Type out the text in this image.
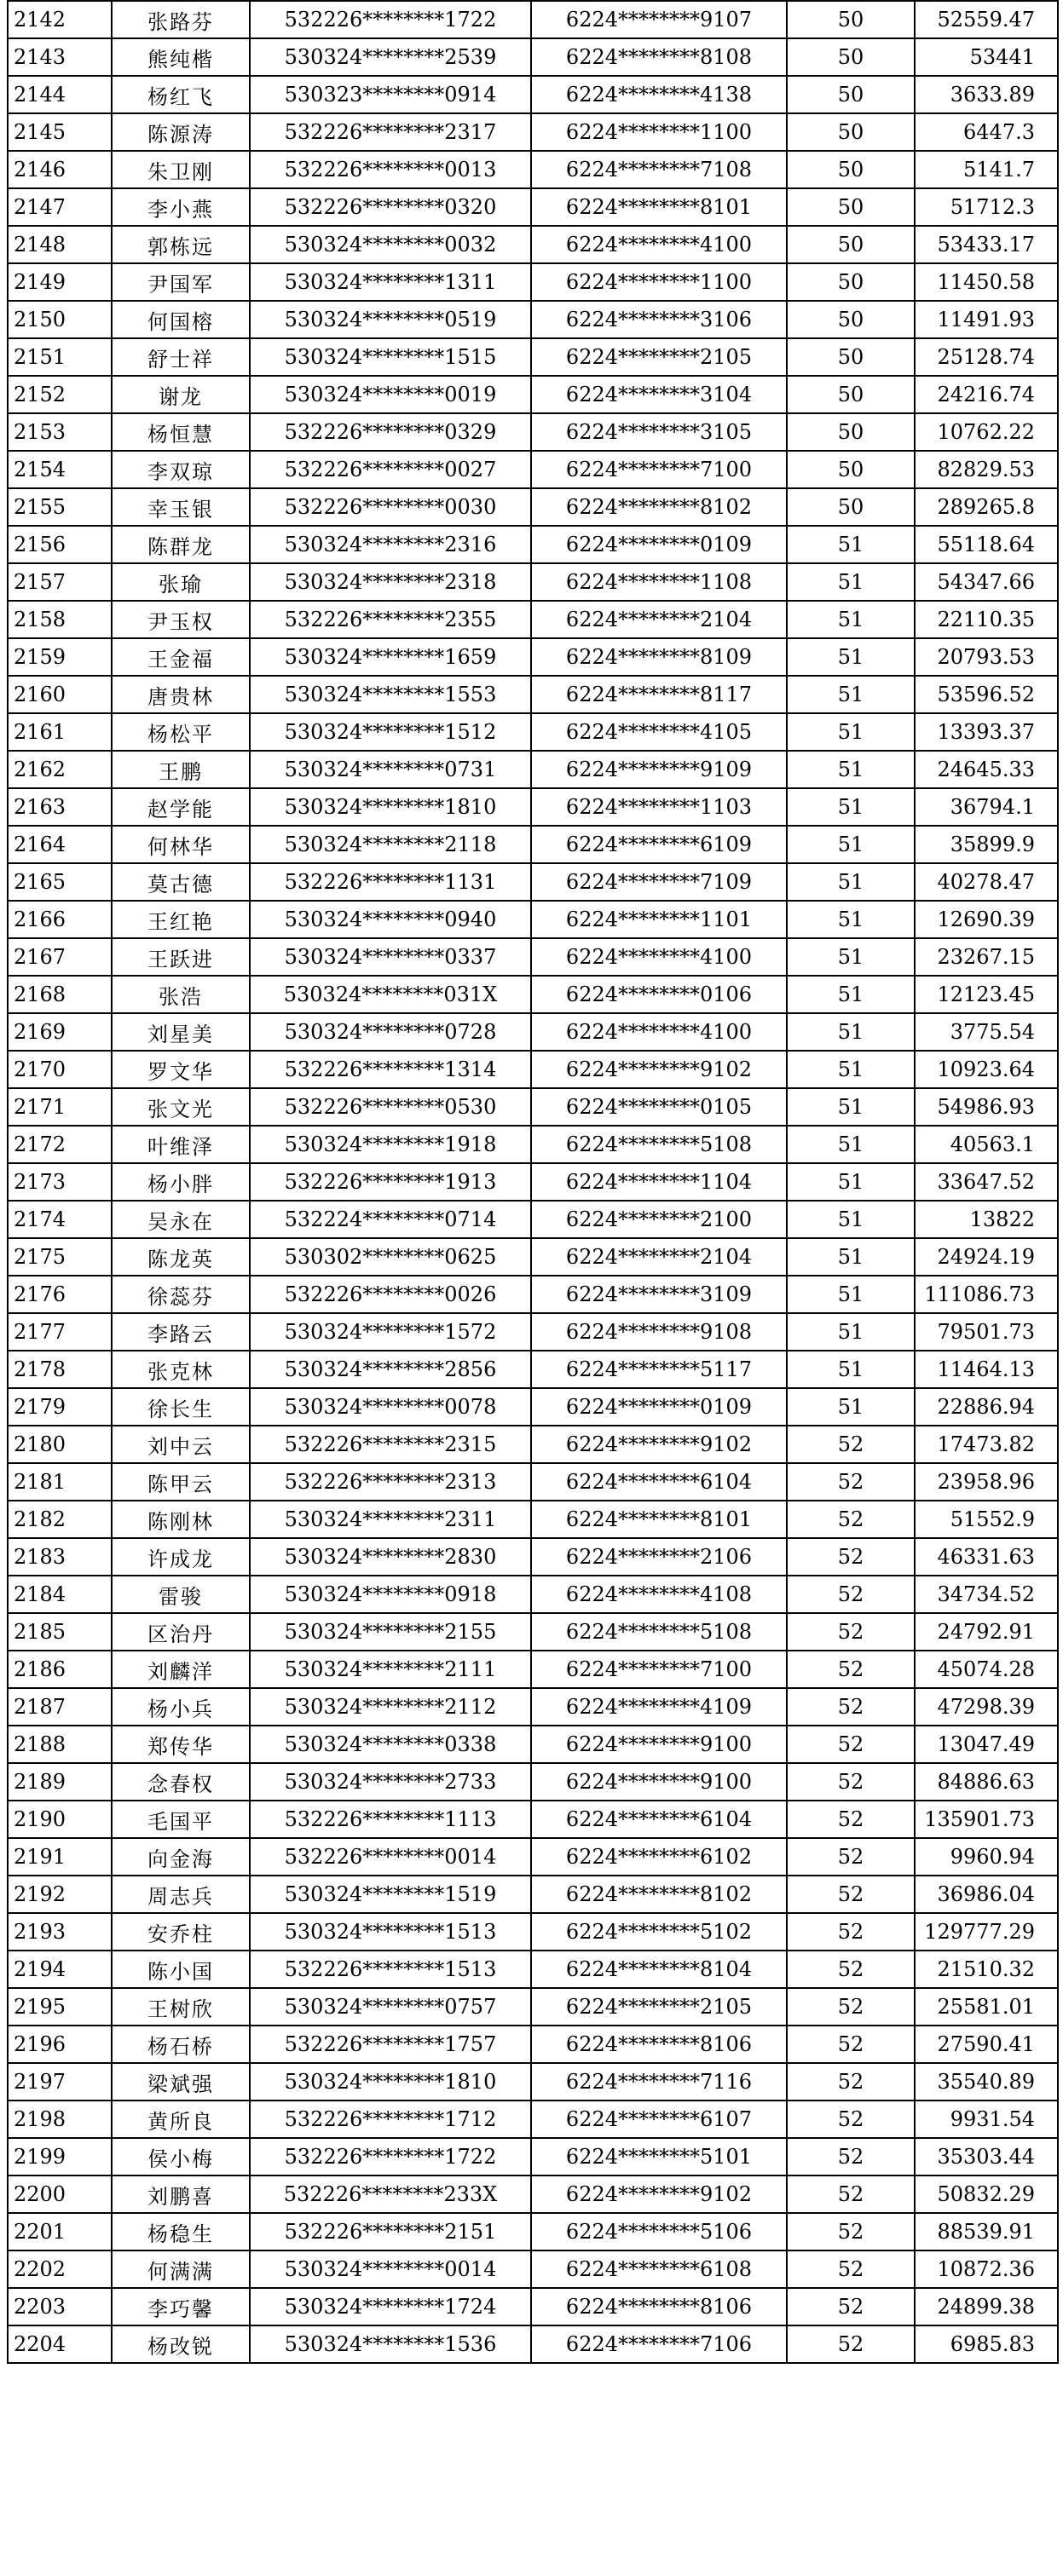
2142	张路芬	532226********1722	6224********9107	50	52559.47
2143	熊纯楷	530324********2539	6224********8108	50	53441
2144	杨红飞	530323********0914	6224********4138	50	3633.89
2145	陈源涛	532226********2317	6224********1100	50	6447.3
2146	朱卫刚	532226********0013	6224********7108	50	5141.7
2147	李小燕	532226********0320	6224********8101	50	51712.3
2148	郭栋远	530324********0032	6224********4100	50	53433.17
2149	尹国军	530324********1311	6224********1100	50	11450.58
2150	何国榕	530324********0519	6224********3106	50	11491.93
2151	舒士祥	530324********1515	6224********2105	50	25128.74
2152	谢龙	530324********0019	6224********3104	50	24216.74
2153	杨恒慧	532226********0329	6224********3105	50	10762.22
2154	李双琼	532226********0027	6224********7100	50	82829.53
2155	幸玉银	532226********0030	6224********8102	50	289265.8
2156	陈群龙	530324********2316	6224********0109	51	55118.64
2157	张瑜	530324********2318	6224********1108	51	54347.66
2158	尹玉权	532226********2355	6224********2104	51	22110.35
2159	王金福	530324********1659	6224********8109	51	20793.53
2160	唐贵林	530324********1553	6224********8117	51	53596.52
2161	杨松平	530324********1512	6224********4105	51	13393.37
2162	王鹏	530324********0731	6224********9109	51	24645.33
2163	赵学能	530324********1810	6224********1103	51	36794.1
2164	何林华	530324********2118	6224********6109	51	35899.9
2165	莫古德	532226********1131	6224********7109	51	40278.47
2166	王红艳	530324********0940	6224********1101	51	12690.39
2167	王跃进	530324********0337	6224********4100	51	23267.15
2168	张浩	530324********031X	6224********0106	51	12123.45
2169	刘星美	530324********0728	6224********4100	51	3775.54
2170	罗文华	532226********1314	6224********9102	51	10923.64
2171	张文光	532226********0530	6224********0105	51	54986.93
2172	叶维泽	530324********1918	6224********5108	51	40563.1
2173	杨小胖	532226********1913	6224********1104	51	33647.52
2174	吴永在	532224********0714	6224********2100	51	13822
2175	陈龙英	530302********0625	6224********2104	51	24924.19
2176	徐蕊芬	532226********0026	6224********3109	51	111086.73
2177	李路云	530324********1572	6224********9108	51	79501.73
2178	张克林	530324********2856	6224********5117	51	11464.13
2179	徐长生	530324********0078	6224********0109	51	22886.94
2180	刘中云	532226********2315	6224********9102	52	17473.82
2181	陈甲云	532226********2313	6224********6104	52	23958.96
2182	陈刚林	530324********2311	6224********8101	52	51552.9
2183	许成龙	530324********2830	6224********2106	52	46331.63
2184	雷骏	530324********0918	6224********4108	52	34734.52
2185	区治丹	530324********2155	6224********5108	52	24792.91
2186	刘麟洋	530324********2111	6224********7100	52	45074.28
2187	杨小兵	530324********2112	6224********4109	52	47298.39
2188	郑传华	530324********0338	6224********9100	52	13047.49
2189	念春权	530324********2733	6224********9100	52	84886.63
2190	毛国平	532226********1113	6224********6104	52	135901.73
2191	向金海	532226********0014	6224********6102	52	9960.94
2192	周志兵	530324********1519	6224********8102	52	36986.04
2193	安乔柱	530324********1513	6224********5102	52	129777.29
2194	陈小国	532226********1513	6224********8104	52	21510.32
2195	王树欣	530324********0757	6224********2105	52	25581.01
2196	杨石桥	532226********1757	6224********8106	52	27590.41
2197	梁斌强	530324********1810	6224********7116	52	35540.89
2198	黄所良	532226********1712	6224********6107	52	9931.54
2199	侯小梅	532226********1722	6224********5101	52	35303.44
2200	刘鹏喜	532226********233X	6224********9102	52	50832.29
2201	杨稳生	532226********2151	6224********5106	52	88539.91
2202	何满满	530324********0014	6224********6108	52	10872.36
2203	李巧馨	530324********1724	6224********8106	52	24899.38
2204	杨改锐	530324********1536	6224********7106	52	6985.83
